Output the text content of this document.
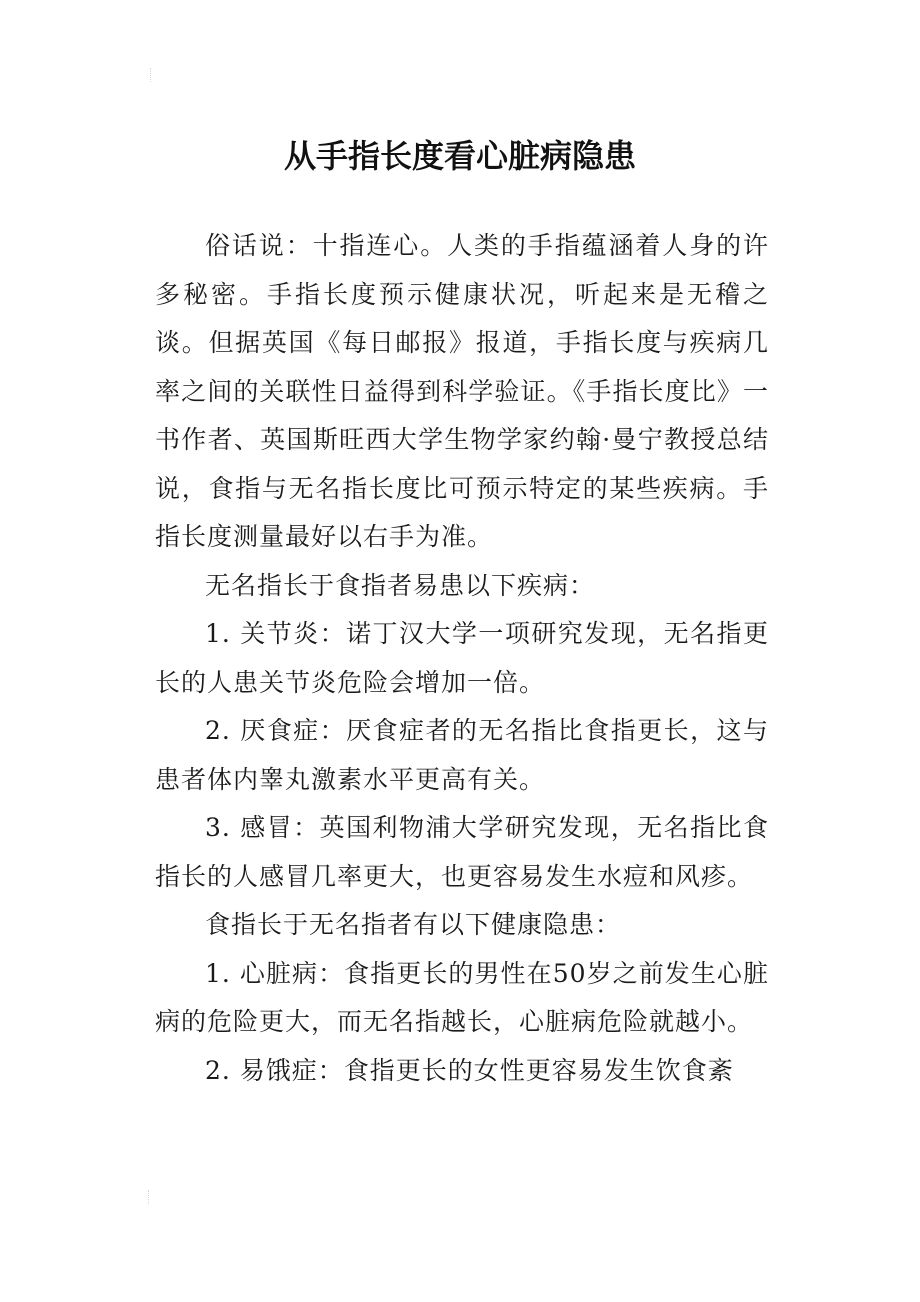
从手指长度看心脏病隐患

俗话说：十指连心。人类的手指蕴涵着人身的许多秘密。手指长度预示健康状况，听起来是无稽之谈。但据英国《每日邮报》报道，手指长度与疾病几率之间的关联性日益得到科学验证。《手指长度比》一书作者、英国斯旺西大学生物学家约翰·曼宁教授总结说，食指与无名指长度比可预示特定的某些疾病。手指长度测量最好以右手为准。

无名指长于食指者易患以下疾病：

1. 关节炎：诺丁汉大学一项研究发现，无名指更长的人患关节炎危险会增加一倍。

2. 厌食症：厌食症者的无名指比食指更长，这与患者体内睾丸激素水平更高有关。

3. 感冒：英国利物浦大学研究发现，无名指比食指长的人感冒几率更大，也更容易发生水痘和风疹。

食指长于无名指者有以下健康隐患：

1. 心脏病：食指更长的男性在50岁之前发生心脏病的危险更大，而无名指越长，心脏病危险就越小。

2. 易饿症：食指更长的女性更容易发生饮食紊
